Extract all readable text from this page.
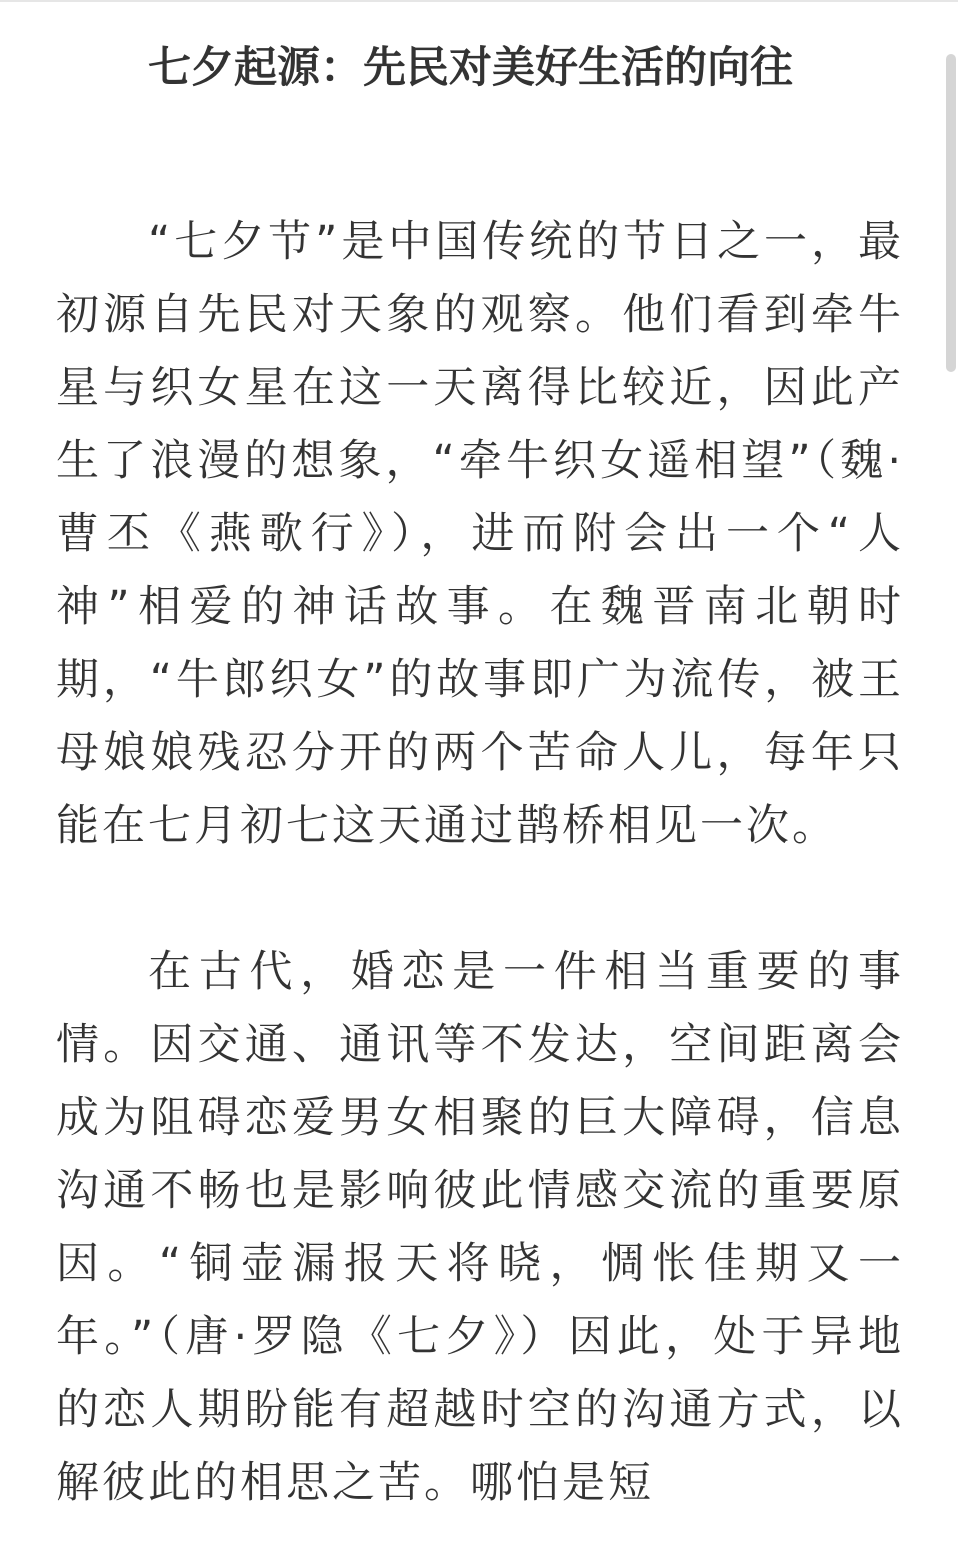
七夕起源：先民对美好生活的向往

“七夕节”是中国传统的节日之一，最初源自先民对天象的观察。他们看到牵牛星与织女星在这一天离得比较近，因此产生了浪漫的想象，“牵牛织女遥相望”（魏·曹丕《燕歌行》），进而附会出一个“人神”相爱的神话故事。在魏晋南北朝时期，“牛郎织女”的故事即广为流传，被王母娘娘残忍分开的两个苦命人儿，每年只能在七月初七这天通过鹊桥相见一次。

在古代，婚恋是一件相当重要的事情。因交通、通讯等不发达，空间距离会成为阻碍恋爱男女相聚的巨大障碍，信息沟通不畅也是影响彼此情感交流的重要原因。“铜壶漏报天将晓，惆怅佳期又一年。”（唐·罗隐《七夕》）因此，处于异地的恋人期盼能有超越时空的沟通方式，以解彼此的相思之苦。哪怕是短
